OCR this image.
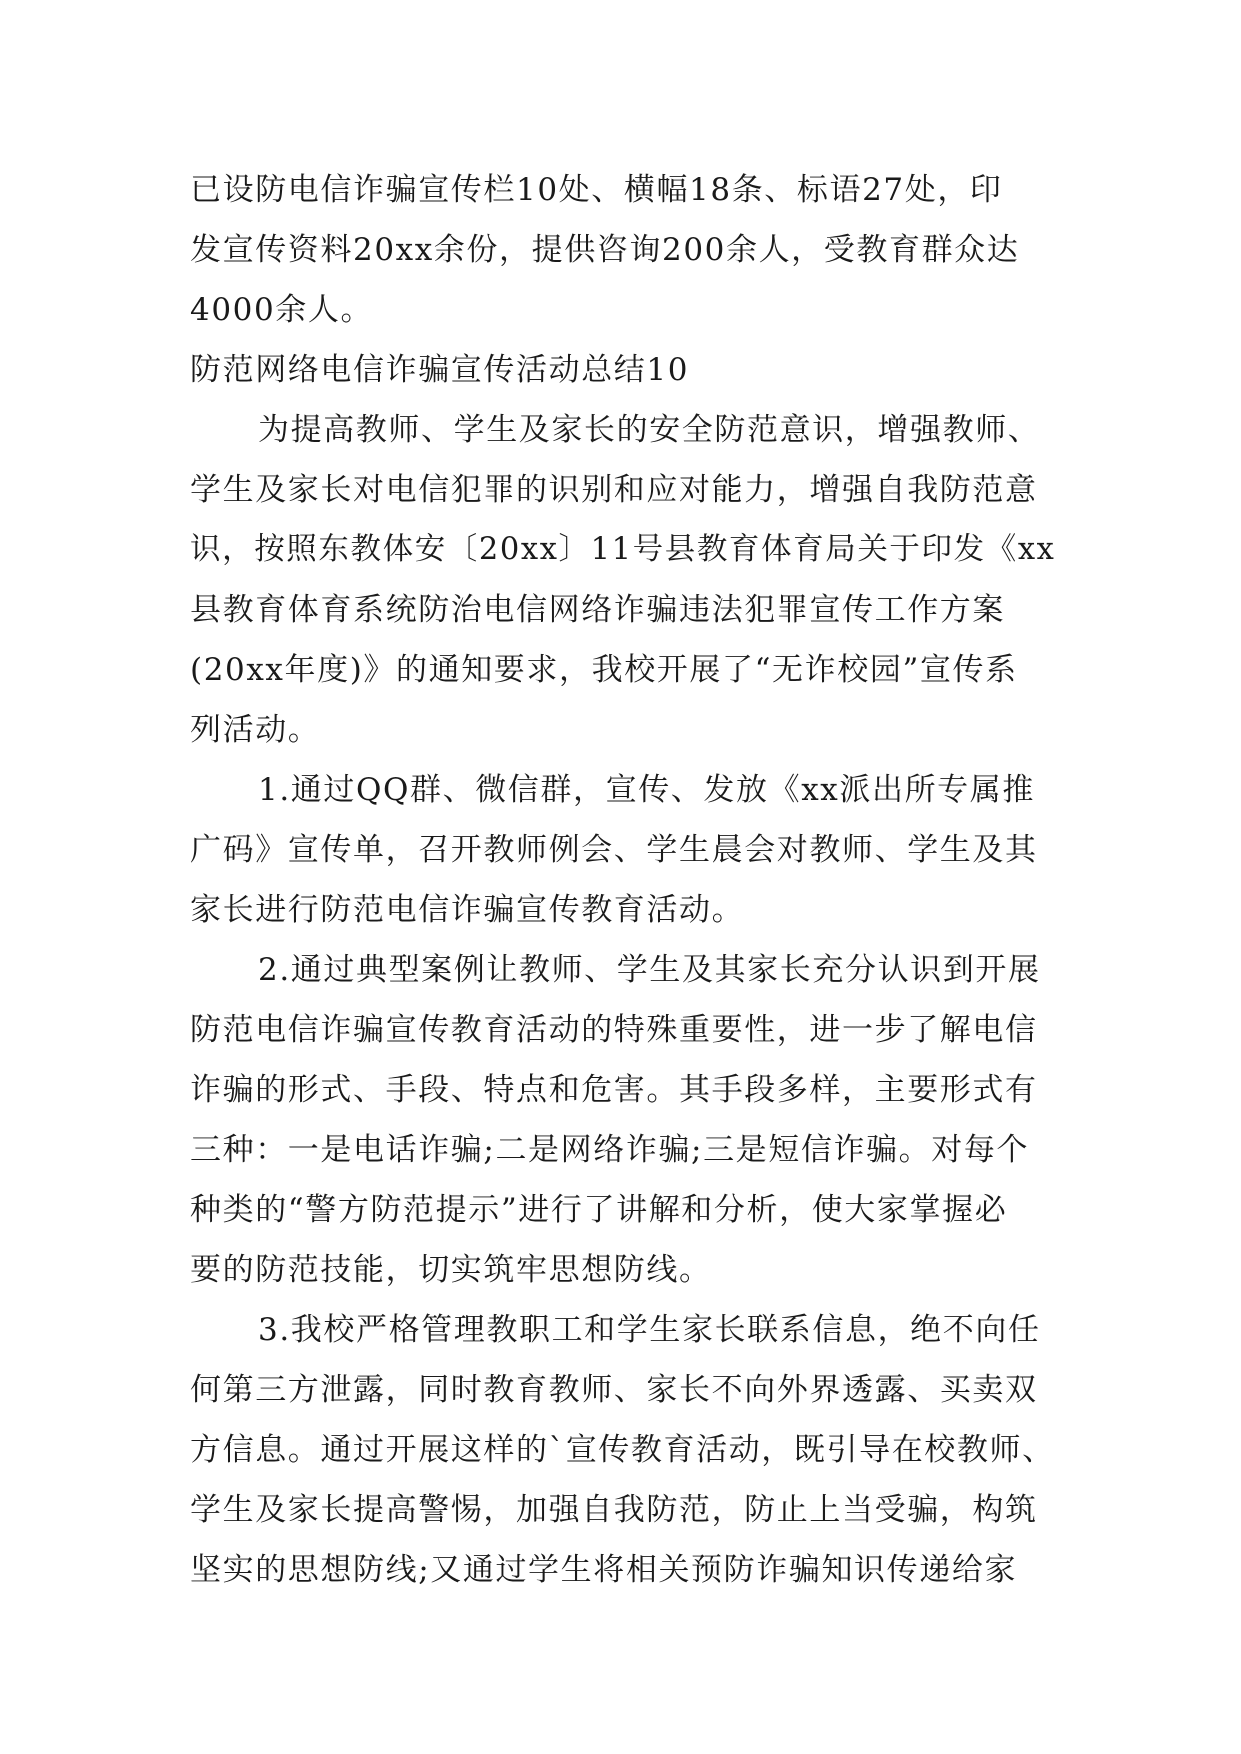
已设防电信诈骗宣传栏10处、横幅18条、标语27处，印
发宣传资料20xx余份，提供咨询200余人，受教育群众达
4000余人。
防范网络电信诈骗宣传活动总结10
为提高教师、学生及家长的安全防范意识，增强教师、
学生及家长对电信犯罪的识别和应对能力，增强自我防范意
识，按照东教体安〔20xx〕11号县教育体育局关于印发《xx
县教育体育系统防治电信网络诈骗违法犯罪宣传工作方案
(20xx年度)》的通知要求，我校开展了“无诈校园”宣传系
列活动。
1.通过QQ群、微信群，宣传、发放《xx派出所专属推
广码》宣传单，召开教师例会、学生晨会对教师、学生及其
家长进行防范电信诈骗宣传教育活动。
2.通过典型案例让教师、学生及其家长充分认识到开展
防范电信诈骗宣传教育活动的特殊重要性，进一步了解电信
诈骗的形式、手段、特点和危害。其手段多样，主要形式有
三种：一是电话诈骗;二是网络诈骗;三是短信诈骗。对每个
种类的“警方防范提示”进行了讲解和分析，使大家掌握必
要的防范技能，切实筑牢思想防线。
3.我校严格管理教职工和学生家长联系信息，绝不向任
何第三方泄露，同时教育教师、家长不向外界透露、买卖双
方信息。通过开展这样的`宣传教育活动，既引导在校教师、
学生及家长提高警惕，加强自我防范，防止上当受骗，构筑
坚实的思想防线;又通过学生将相关预防诈骗知识传递给家
